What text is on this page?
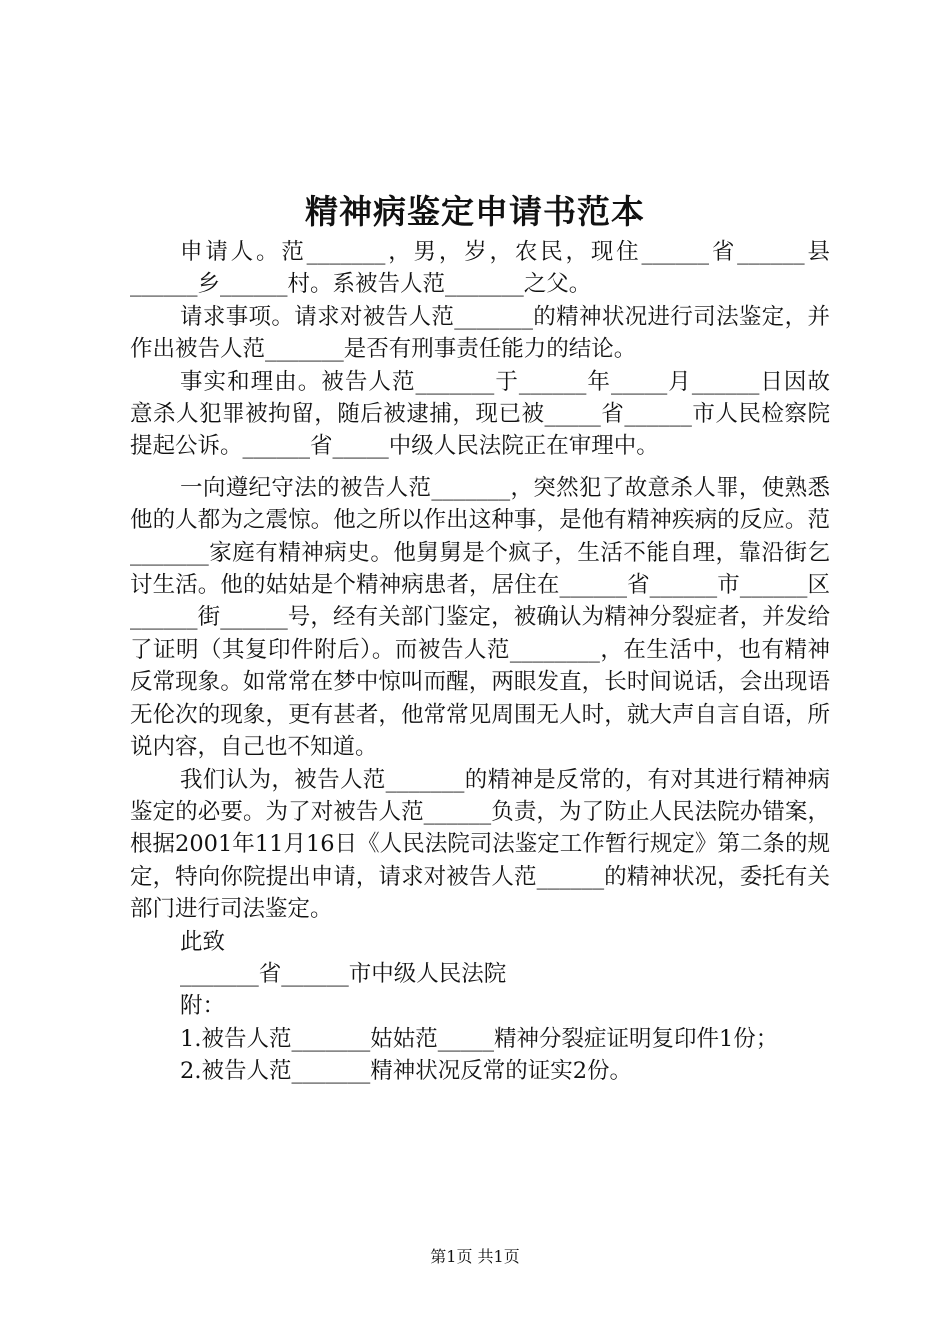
精神病鉴定申请书范本

申请人。范_______，男，岁，农民，现住______省______县______乡______村。系被告人范_______之父。

请求事项。请求对被告人范_______的精神状况进行司法鉴定，并作出被告人范_______是否有刑事责任能力的结论。

事实和理由。被告人范_______于______年_____月______日因故意杀人犯罪被拘留，随后被逮捕，现已被_____省______市人民检察院提起公诉。______省_____中级人民法院正在审理中。

一向遵纪守法的被告人范_______，突然犯了故意杀人罪，使熟悉他的人都为之震惊。他之所以作出这种事，是他有精神疾病的反应。范_______家庭有精神病史。他舅舅是个疯子，生活不能自理，靠沿街乞讨生活。他的姑姑是个精神病患者，居住在______省______市______区______街______号，经有关部门鉴定，被确认为精神分裂症者，并发给了证明（其复印件附后）。而被告人范________，在生活中，也有精神反常现象。如常常在梦中惊叫而醒，两眼发直，长时间说话，会出现语无伦次的现象，更有甚者，他常常见周围无人时，就大声自言自语，所说内容，自己也不知道。

我们认为，被告人范_______的精神是反常的，有对其进行精神病鉴定的必要。为了对被告人范______负责，为了防止人民法院办错案，根据2001年11月16日《人民法院司法鉴定工作暂行规定》第二条的规定，特向你院提出申请，请求对被告人范______的精神状况，委托有关部门进行司法鉴定。

此致

_______省______市中级人民法院

附：

1.被告人范_______姑姑范_____精神分裂症证明复印件1份；

2.被告人范_______精神状况反常的证实2份。

第1页 共1页
